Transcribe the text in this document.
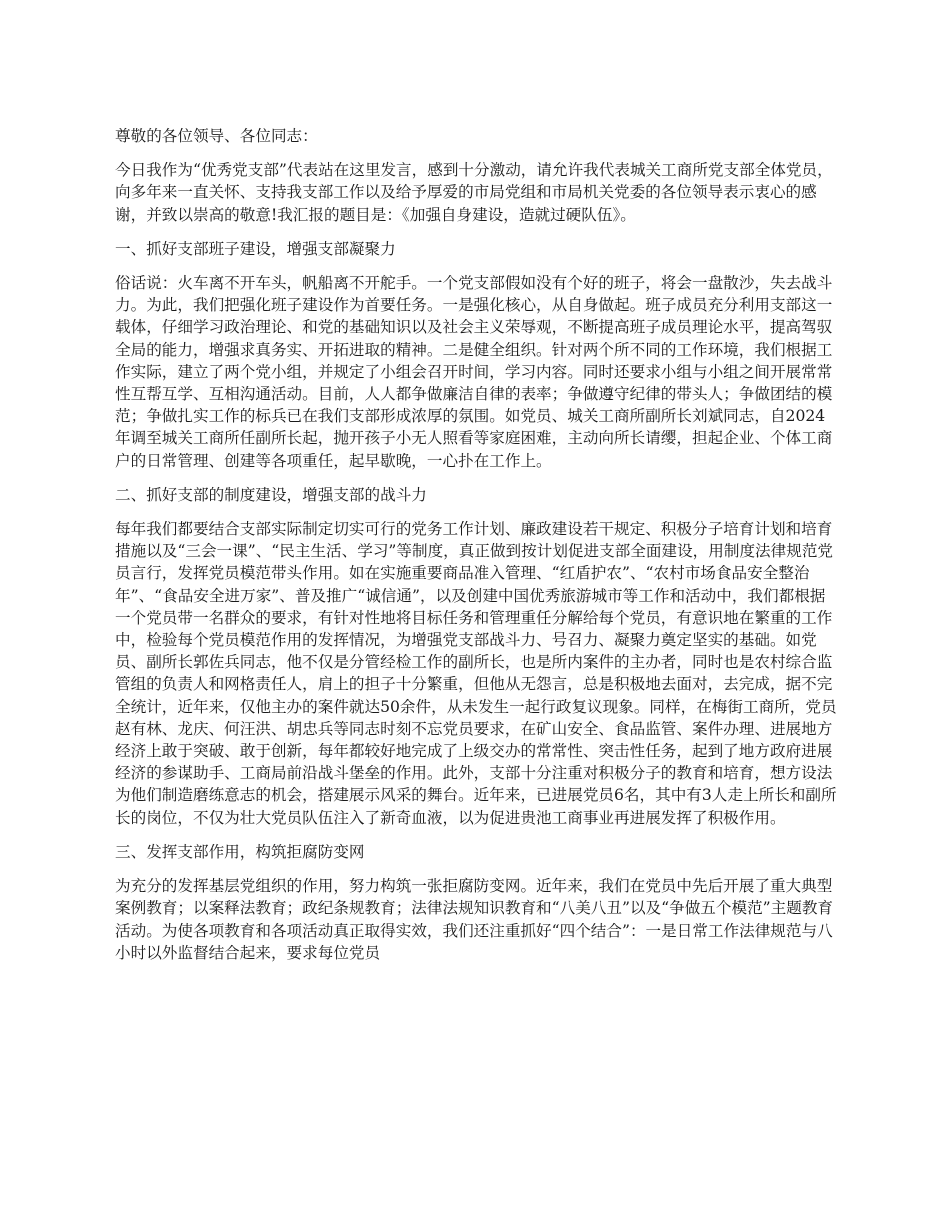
尊敬的各位领导、各位同志：

今日我作为“优秀党支部”代表站在这里发言，感到十分激动，请允许我代表城关工商所党支部全体党员，向多年来一直关怀、支持我支部工作以及给予厚爱的市局党组和市局机关党委的各位领导表示衷心的感谢，并致以崇高的敬意!我汇报的题目是：《加强自身建设，造就过硬队伍》。

一、抓好支部班子建设，增强支部凝聚力

俗话说：火车离不开车头，帆船离不开舵手。一个党支部假如没有个好的班子，将会一盘散沙，失去战斗力。为此，我们把强化班子建设作为首要任务。一是强化核心，从自身做起。班子成员充分利用支部这一载体，仔细学习政治理论、和党的基础知识以及社会主义荣辱观，不断提高班子成员理论水平，提高驾驭全局的能力，增强求真务实、开拓进取的精神。二是健全组织。针对两个所不同的工作环境，我们根据工作实际，建立了两个党小组，并规定了小组会召开时间，学习内容。同时还要求小组与小组之间开展常常性互帮互学、互相沟通活动。目前，人人都争做廉洁自律的表率；争做遵守纪律的带头人；争做团结的模范；争做扎实工作的标兵已在我们支部形成浓厚的氛围。如党员、城关工商所副所长刘斌同志，自2024年调至城关工商所任副所长起，抛开孩子小无人照看等家庭困难，主动向所长请缨，担起企业、个体工商户的日常管理、创建等各项重任，起早歇晚，一心扑在工作上。

二、抓好支部的制度建设，增强支部的战斗力

每年我们都要结合支部实际制定切实可行的党务工作计划、廉政建设若干规定、积极分子培育计划和培育措施以及“三会一课”、“民主生活、学习”等制度，真正做到按计划促进支部全面建设，用制度法律规范党员言行，发挥党员模范带头作用。如在实施重要商品准入管理、“红盾护农”、“农村市场食品安全整治年”、“食品安全进万家”、普及推广“诚信通”，以及创建中国优秀旅游城市等工作和活动中，我们都根据一个党员带一名群众的要求，有针对性地将目标任务和管理重任分解给每个党员，有意识地在繁重的工作中，检验每个党员模范作用的发挥情况，为增强党支部战斗力、号召力、凝聚力奠定坚实的基础。如党员、副所长郭佐兵同志，他不仅是分管经检工作的副所长，也是所内案件的主办者，同时也是农村综合监管组的负责人和网格责任人，肩上的担子十分繁重，但他从无怨言，总是积极地去面对，去完成，据不完全统计，近年来，仅他主办的案件就达50余件，从未发生一起行政复议现象。同样，在梅街工商所，党员赵有林、龙庆、何汪洪、胡忠兵等同志时刻不忘党员要求，在矿山安全、食品监管、案件办理、进展地方经济上敢于突破、敢于创新，每年都较好地完成了上级交办的常常性、突击性任务，起到了地方政府进展经济的参谋助手、工商局前沿战斗堡垒的作用。此外，支部十分注重对积极分子的教育和培育，想方设法为他们制造磨练意志的机会，搭建展示风采的舞台。近年来，已进展党员6名，其中有3人走上所长和副所长的岗位，不仅为壮大党员队伍注入了新奇血液，以为促进贵池工商事业再进展发挥了积极作用。

三、发挥支部作用，构筑拒腐防变网

为充分的发挥基层党组织的作用，努力构筑一张拒腐防变网。近年来，我们在党员中先后开展了重大典型案例教育；以案释法教育；政纪条规教育；法律法规知识教育和“八美八丑”以及“争做五个模范”主题教育活动。为使各项教育和各项活动真正取得实效，我们还注重抓好“四个结合”：一是日常工作法律规范与八小时以外监督结合起来，要求每位党员
